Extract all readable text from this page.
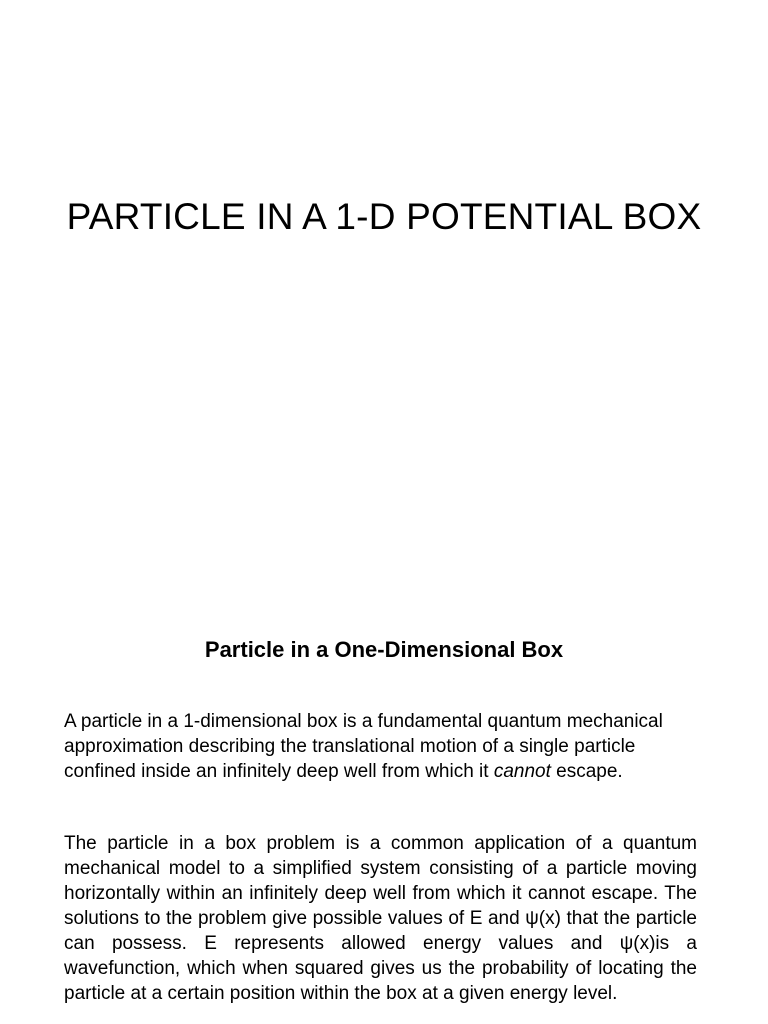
PARTICLE IN A 1-D POTENTIAL BOX
Particle in a One-Dimensional Box

A particle in a 1-dimensional box is a fundamental quantum mechanical approximation describing the translational motion of a single particle confined inside an infinitely deep well from which it cannot escape.

The particle in a box problem is a common application of a quantum mechanical model to a simplified system consisting of a particle moving horizontally within an infinitely deep well from which it cannot escape. The solutions to the problem give possible values of E and ψ(x) that the particle can possess. E represents allowed energy values and ψ(x)is a wavefunction, which when squared gives us the probability of locating the particle at a certain position within the box at a given energy level.
